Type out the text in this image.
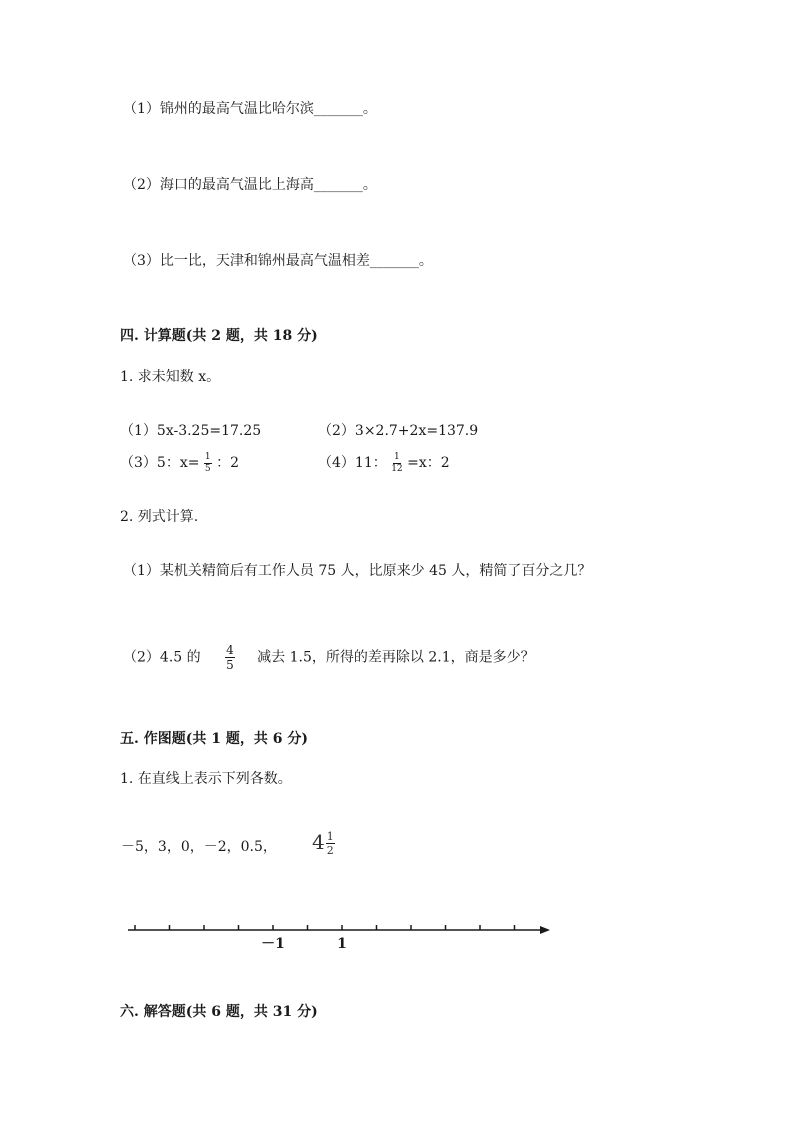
（1）锦州的最高气温比哈尔滨_______。
（2）海口的最高气温比上海高_______。
（3）比一比，天津和锦州最高气温相差_______。
四. 计算题(共 2 题，共 18 分)
1. 求未知数 x。
（1）5x-3.25=17.25	（2）3×2.7+2x=137.9
（3）5：$x= \frac{1}{5}$ ：2	（4）11： $\frac{1}{12} =x$：2
2. 列式计算.
（1）某机关精简后有工作人员 75 人，比原来少 45 人，精简了百分之几？
（2）4.5 的 $\frac{4}{5}$ 减去 1.5，所得的差再除以 2.1，商是多少？
五. 作图题(共 1 题，共 6 分)
1. 在直线上表示下列各数。
－5，3，0，－2，0.5， $4 \frac{1}{2}$
－1	1
六. 解答题(共 6 题，共 31 分)
